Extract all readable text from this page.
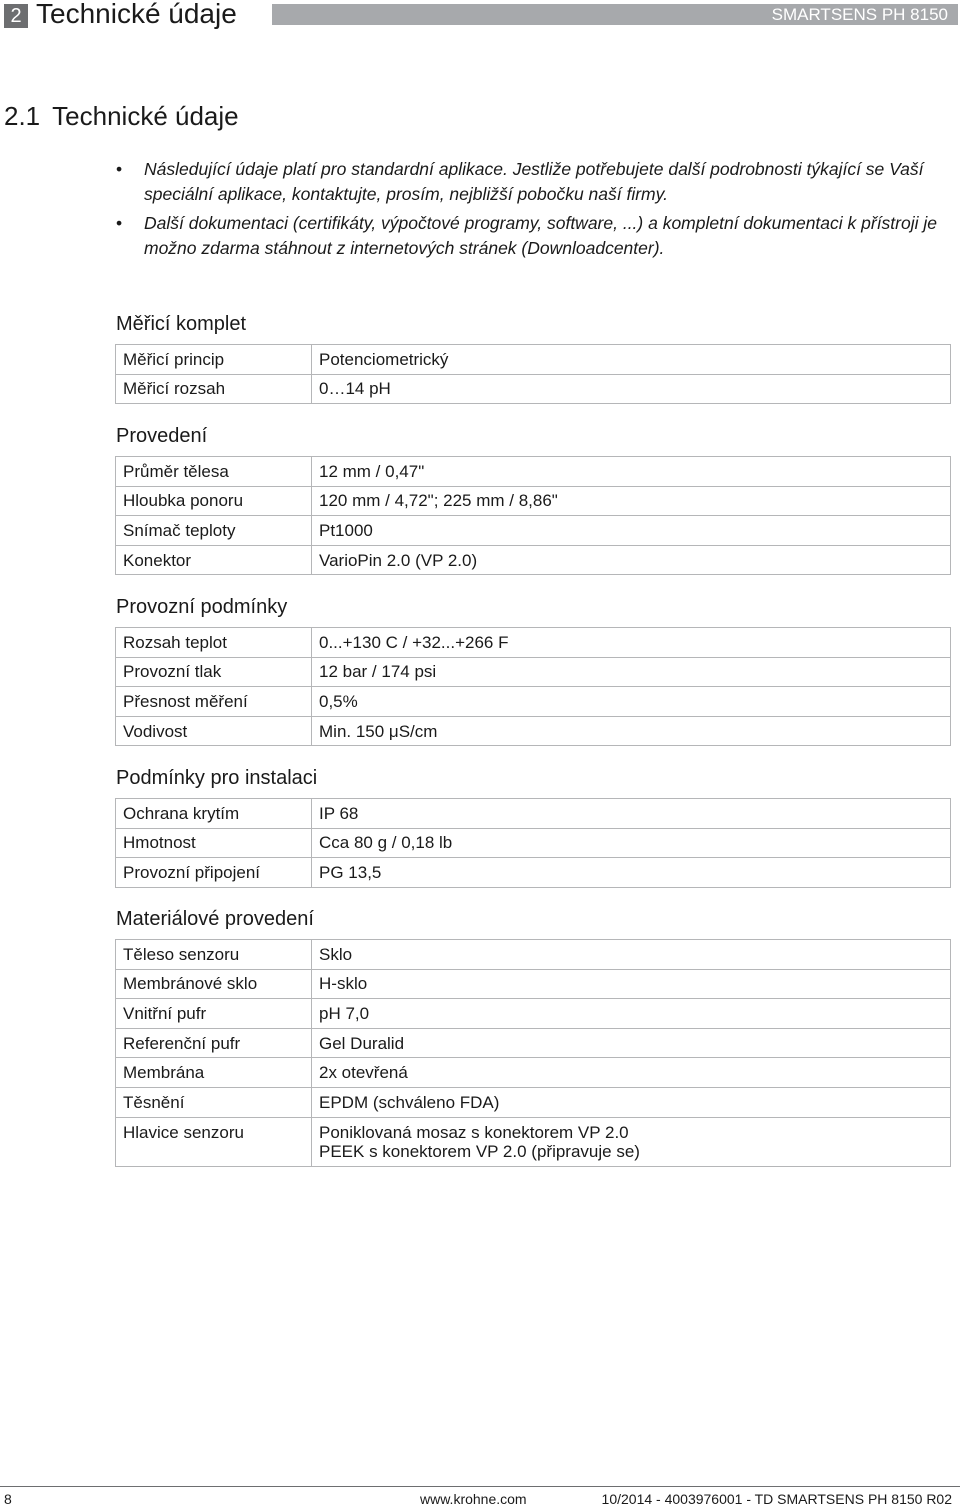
2 Technické údaje	SMARTSENS PH 8150
2.1 Technické údaje
• Následující údaje platí pro standardní aplikace. Jestliže potřebujete další podrobnosti týkající se Vaší speciální aplikace, kontaktujte, prosím, nejbližší pobočku naší firmy.
• Další dokumentaci (certifikáty, výpočtové programy, software, ...) a kompletní dokumentaci k přístroji je možno zdarma stáhnout z internetových stránek (Downloadcenter).
Měřicí komplet
Měřicí princip	Potenciometrický
Měřicí rozsah	0…14 pH
Provedení
Průměr tělesa	12 mm / 0,47"
Hloubka ponoru	120 mm / 4,72"; 225 mm / 8,86"
Snímač teploty	Pt1000
Konektor	VarioPin 2.0 (VP 2.0)
Provozní podmínky
Rozsah teplot	0...+130 C / +32...+266 F
Provozní tlak	12 bar / 174 psi
Přesnost měření	0,5%
Vodivost	Min. 150 μS/cm
Podmínky pro instalaci
Ochrana krytím	IP 68
Hmotnost	Cca 80 g / 0,18 lb
Provozní připojení	PG 13,5
Materiálové provedení
Těleso senzoru	Sklo
Membránové sklo	H-sklo
Vnitřní pufr	pH 7,0
Referenční pufr	Gel Duralid
Membrána	2x otevřená
Těsnění	EPDM (schváleno FDA)
Hlavice senzoru	Poniklovaná mosaz s konektorem VP 2.0
PEEK s konektorem VP 2.0 (připravuje se)
8	www.krohne.com	10/2014 - 4003976001 - TD SMARTSENS PH 8150 R02
